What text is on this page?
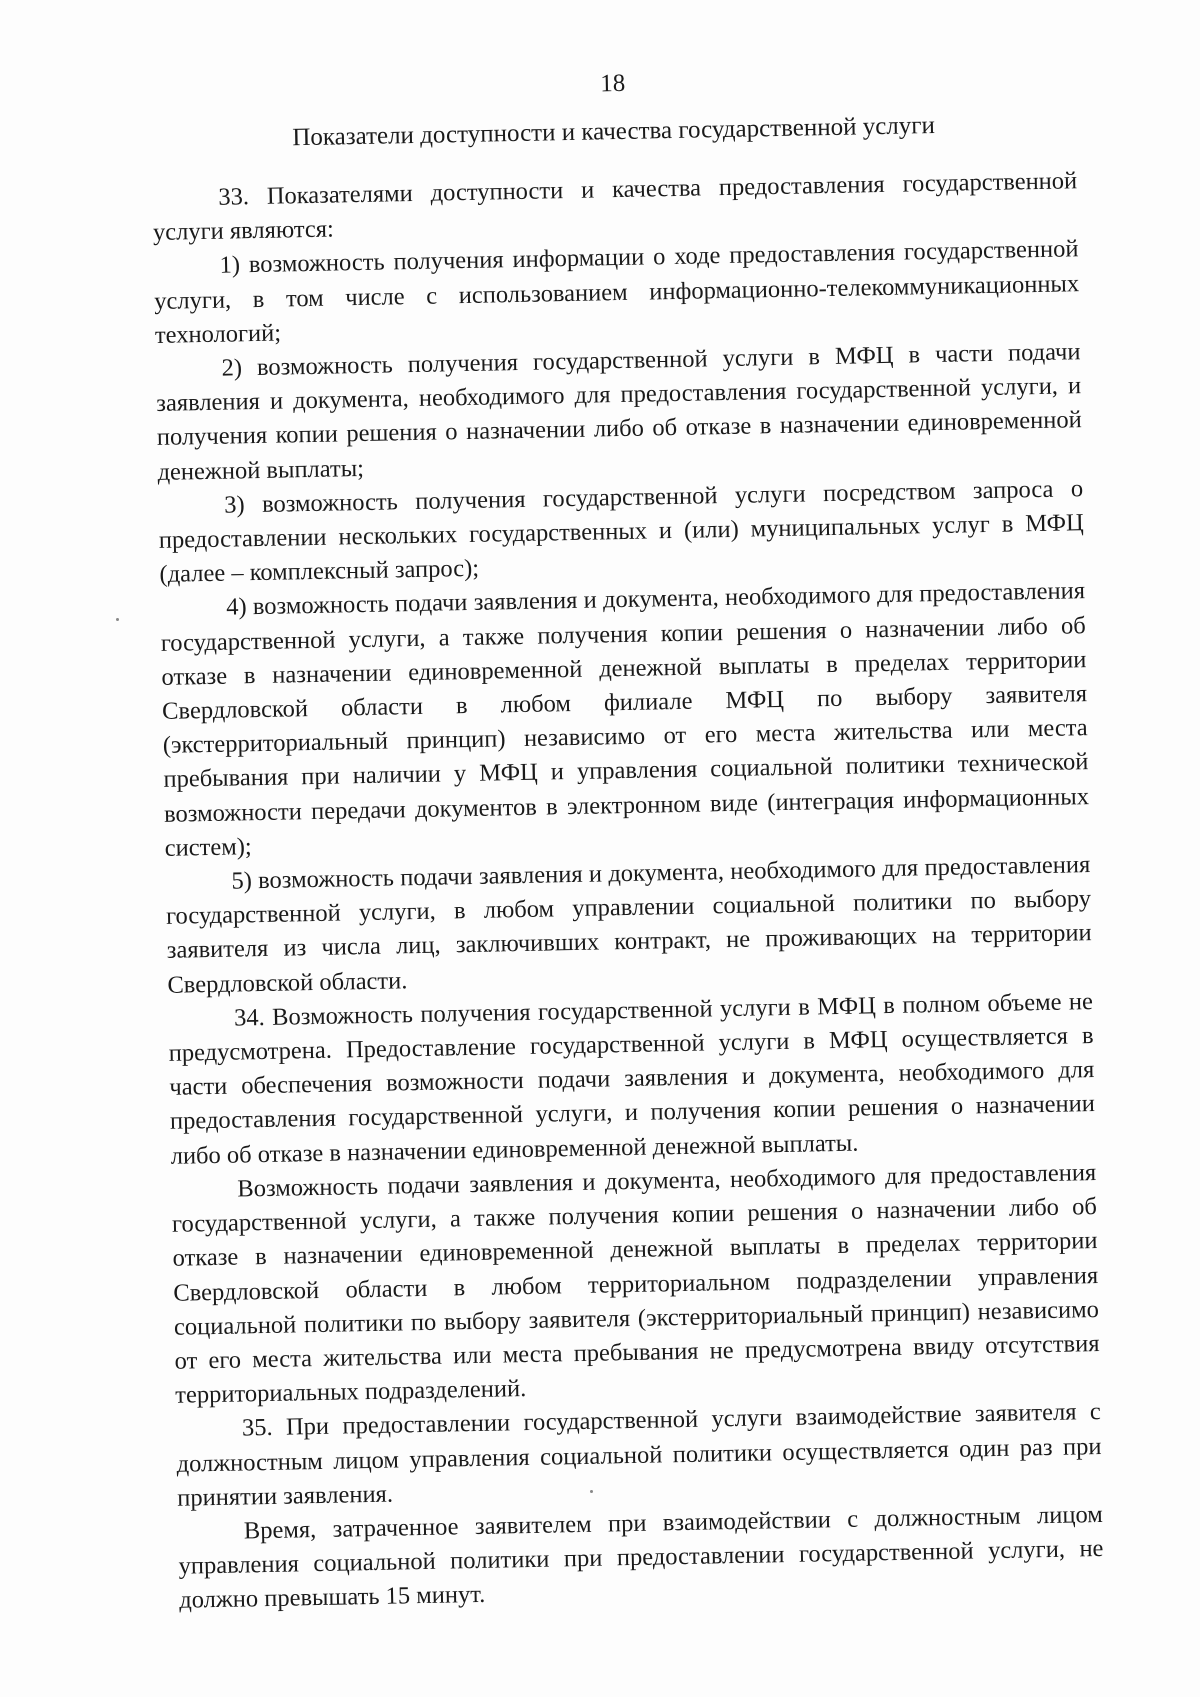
18
Показатели доступности и качества государственной услуги

33. Показателями доступности и качества предоставления государственной услуги являются:

1) возможность получения информации о ходе предоставления государственной услуги, в том числе с использованием информационно-телекоммуникационных технологий;

2) возможность получения государственной услуги в МФЦ в части подачи заявления и документа, необходимого для предоставления государственной услуги, и получения копии решения о назначении либо об отказе в назначении единовременной денежной выплаты;

3) возможность получения государственной услуги посредством запроса о предоставлении нескольких государственных и (или) муниципальных услуг в МФЦ (далее – комплексный запрос);

4) возможность подачи заявления и документа, необходимого для предоставления государственной услуги, а также получения копии решения о назначении либо об отказе в назначении единовременной денежной выплаты в пределах территории Свердловской области в любом филиале МФЦ по выбору заявителя (экстерриториальный принцип) независимо от его места жительства или места пребывания при наличии у МФЦ и управления социальной политики технической возможности передачи документов в электронном виде (интеграция информационных систем);

5) возможность подачи заявления и документа, необходимого для предоставления государственной услуги, в любом управлении социальной политики по выбору заявителя из числа лиц, заключивших контракт, не проживающих на территории Свердловской области.

34. Возможность получения государственной услуги в МФЦ в полном объеме не предусмотрена. Предоставление государственной услуги в МФЦ осуществляется в части обеспечения возможности подачи заявления и документа, необходимого для предоставления государственной услуги, и получения копии решения о назначении либо об отказе в назначении единовременной денежной выплаты.

Возможность подачи заявления и документа, необходимого для предоставления государственной услуги, а также получения копии решения о назначении либо об отказе в назначении единовременной денежной выплаты в пределах территории Свердловской области в любом территориальном подразделении управления социальной политики по выбору заявителя (экстерриториальный принцип) независимо от его места жительства или места пребывания не предусмотрена ввиду отсутствия территориальных подразделений.

35. При предоставлении государственной услуги взаимодействие заявителя с должностным лицом управления социальной политики осуществляется один раз при принятии заявления.

Время, затраченное заявителем при взаимодействии с должностным лицом управления социальной политики при предоставлении государственной услуги, не должно превышать 15 минут.
